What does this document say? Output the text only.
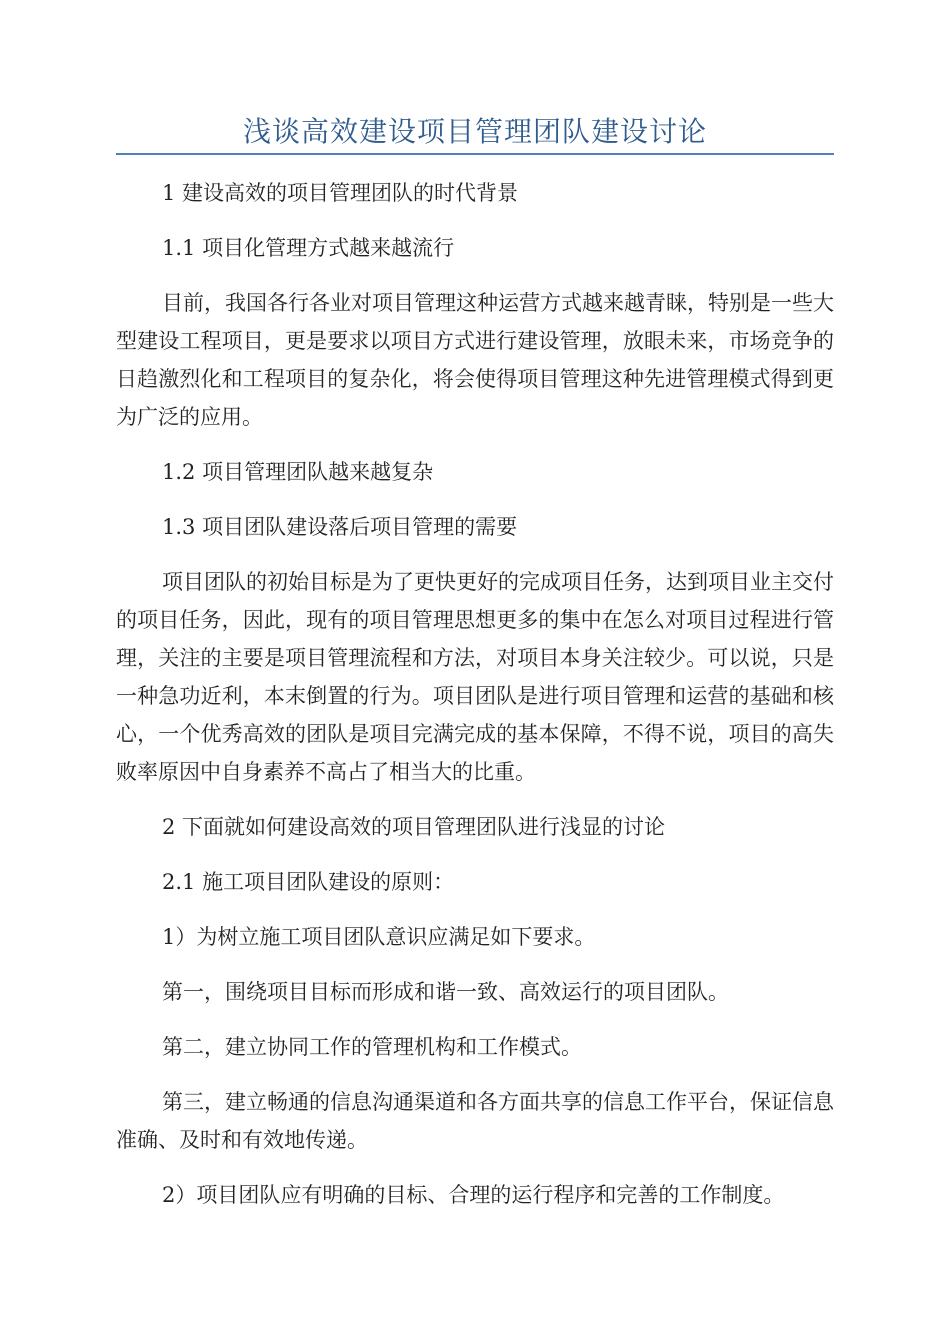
浅谈高效建设项目管理团队建设讨论

1 建设高效的项目管理团队的时代背景

1.1 项目化管理方式越来越流行

目前，我国各行各业对项目管理这种运营方式越来越青睐，特别是一些大型建设工程项目，更是要求以项目方式进行建设管理，放眼未来，市场竞争的日趋激烈化和工程项目的复杂化，将会使得项目管理这种先进管理模式得到更为广泛的应用。

1.2 项目管理团队越来越复杂

1.3 项目团队建设落后项目管理的需要

项目团队的初始目标是为了更快更好的完成项目任务，达到项目业主交付的项目任务，因此，现有的项目管理思想更多的集中在怎么对项目过程进行管理，关注的主要是项目管理流程和方法，对项目本身关注较少。可以说，只是一种急功近利，本末倒置的行为。项目团队是进行项目管理和运营的基础和核心，一个优秀高效的团队是项目完满完成的基本保障，不得不说，项目的高失败率原因中自身素养不高占了相当大的比重。

2 下面就如何建设高效的项目管理团队进行浅显的讨论

2.1 施工项目团队建设的原则：

1）为树立施工项目团队意识应满足如下要求。

第一，围绕项目目标而形成和谐一致、高效运行的项目团队。

第二，建立协同工作的管理机构和工作模式。

第三，建立畅通的信息沟通渠道和各方面共享的信息工作平台，保证信息准确、及时和有效地传递。

2）项目团队应有明确的目标、合理的运行程序和完善的工作制度。
